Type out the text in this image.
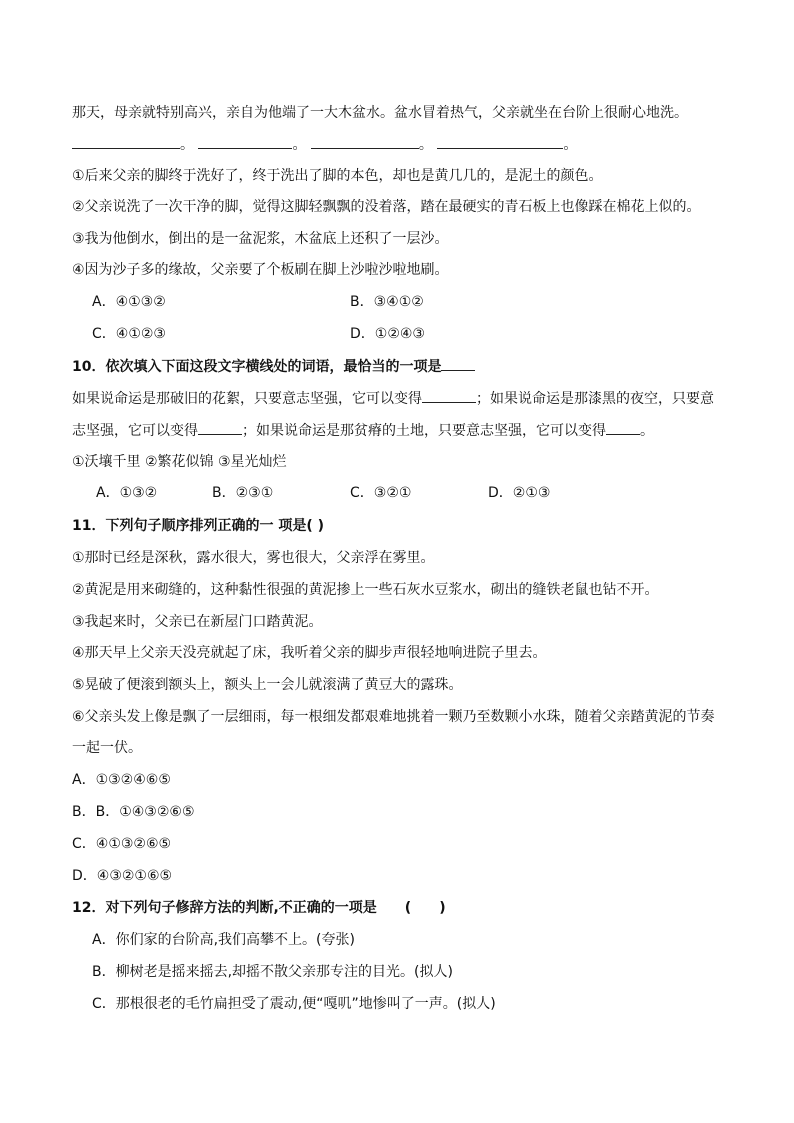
那天，母亲就特别高兴，亲自为他端了一大木盆水。盆水冒着热气，父亲就坐在台阶上很耐心地洗。
。	。	。	。
①后来父亲的脚终于洗好了，终于洗出了脚的本色，却也是黄几几的，是泥土的颜色。
②父亲说洗了一次干净的脚，觉得这脚轻飘飘的没着落，踏在最硬实的青石板上也像踩在棉花上似的。
③我为他倒水，倒出的是一盆泥浆，木盆底上还积了一层沙。
④因为沙子多的缘故，父亲要了个板刷在脚上沙啦沙啦地刷。
A．④①③②	B．③④①②
C．④①②③	D．①②④③
10．依次填入下面这段文字横线处的词语，最恰当的一项是
如果说命运是那破旧的花絮，只要意志坚强，它可以变得	；如果说命运是那漆黑的夜空，只要意
志坚强，它可以变得	；如果说命运是那贫瘠的土地，只要意志坚强，它可以变得 。
①沃壤千里 ②繁花似锦 ③星光灿烂
A．①③②	B．②③①	C．③②①	D．②①③
11．下列句子顺序排列正确的一 项是( )
①那时已经是深秋，露水很大，雾也很大，父亲浮在雾里。
②黄泥是用来砌缝的，这种黏性很强的黄泥掺上一些石灰水豆浆水，砌出的缝铁老鼠也钻不开。
③我起来时，父亲已在新屋门口踏黄泥。
④那天早上父亲天没亮就起了床，我听着父亲的脚步声很轻地响进院子里去。
⑤晃破了便滚到额头上，额头上一会儿就滚满了黄豆大的露珠。
⑥父亲头发上像是飘了一层细雨，每一根细发都艰难地挑着一颗乃至数颗小水珠，随着父亲踏黄泥的节奏
一起一伏。
A．①③②④⑥⑤
B．B．①④③②⑥⑤
C．④①③②⑥⑤
D．④③②①⑥⑤
12．对下列句子修辞方法的判断,不正确的一项是　　(　　)
A．你们家的台阶高,我们高攀不上。(夸张)
B．柳树老是摇来摇去,却摇不散父亲那专注的目光。(拟人)
C．那根很老的毛竹扁担受了震动,便“嘎叽”地惨叫了一声。(拟人)
